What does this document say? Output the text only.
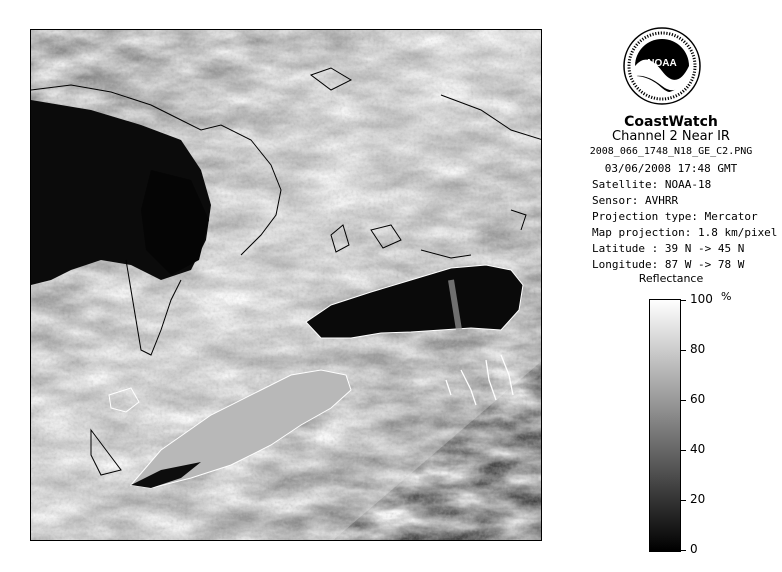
NOAA
CoastWatch
Channel 2 Near IR
2008_066_1748_N18_GE_C2.PNG
03/06/2008 17:48 GMT
Satellite: NOAA-18
Sensor: AVHRR
Projection type: Mercator
Map projection: 1.8 km/pixel
Latitude : 39 N -> 45 N
Longitude: 87 W -> 78 W
Reflectance
%
100
80
60
40
20
0
